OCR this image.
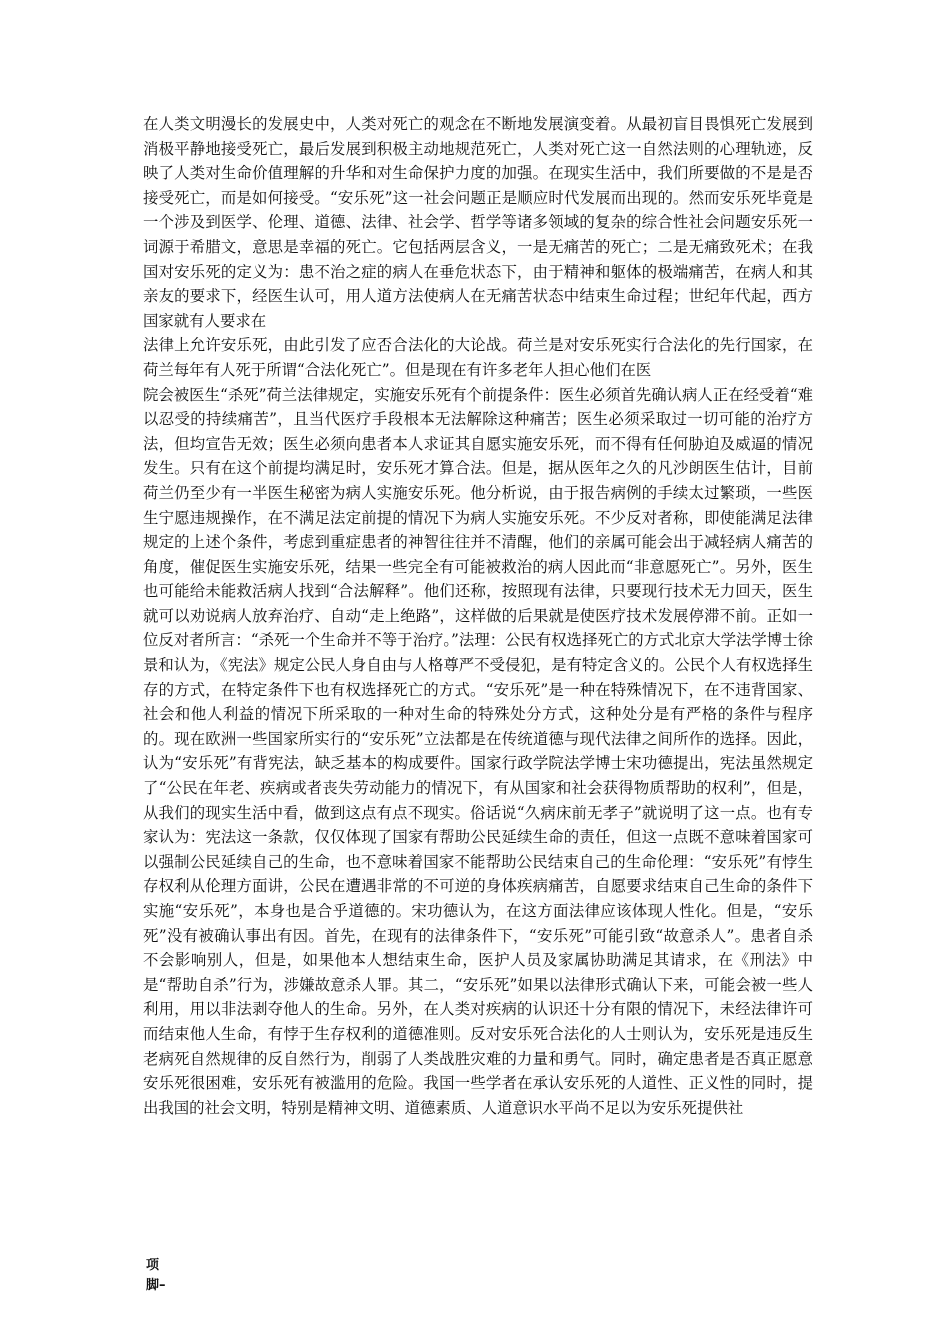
在人类文明漫长的发展史中，人类对死亡的观念在不断地发展演变着。从最初盲目畏惧死亡发展到消极平静地接受死亡，最后发展到积极主动地规范死亡，人类对死亡这一自然法则的心理轨迹，反映了人类对生命价值理解的升华和对生命保护力度的加强。在现实生活中，我们所要做的不是是否接受死亡，而是如何接受。“安乐死”这一社会问题正是顺应时代发展而出现的。然而安乐死毕竟是一个涉及到医学、伦理、道德、法律、社会学、哲学等诸多领域的复杂的综合性社会问题安乐死一词源于希腊文，意思是幸福的死亡。它包括两层含义，一是无痛苦的死亡；二是无痛致死术；在我国对安乐死的定义为：患不治之症的病人在垂危状态下，由于精神和躯体的极端痛苦，在病人和其亲友的要求下，经医生认可，用人道方法使病人在无痛苦状态中结束生命过程；世纪年代起，西方国家就有人要求在

法律上允许安乐死，由此引发了应否合法化的大论战。荷兰是对安乐死实行合法化的先行国家，在荷兰每年有人死于所谓“合法化死亡”。但是现在有许多老年人担心他们在医

院会被医生“杀死”荷兰法律规定，实施安乐死有个前提条件：医生必须首先确认病人正在经受着“难以忍受的持续痛苦”，且当代医疗手段根本无法解除这种痛苦；医生必须采取过一切可能的治疗方法，但均宣告无效；医生必须向患者本人求证其自愿实施安乐死，而不得有任何胁迫及威逼的情况发生。只有在这个前提均满足时，安乐死才算合法。但是，据从医年之久的凡沙朗医生估计，目前荷兰仍至少有一半医生秘密为病人实施安乐死。他分析说，由于报告病例的手续太过繁琐，一些医生宁愿违规操作，在不满足法定前提的情况下为病人实施安乐死。不少反对者称，即使能满足法律规定的上述个条件，考虑到重症患者的神智往往并不清醒，他们的亲属可能会出于减轻病人痛苦的角度，催促医生实施安乐死，结果一些完全有可能被救治的病人因此而“非意愿死亡”。另外，医生也可能给未能救活病人找到“合法解释”。他们还称，按照现有法律，只要现行技术无力回天，医生就可以劝说病人放弃治疗、自动“走上绝路”，这样做的后果就是使医疗技术发展停滞不前。正如一位反对者所言：“杀死一个生命并不等于治疗。”法理：公民有权选择死亡的方式北京大学法学博士徐景和认为，《宪法》规定公民人身自由与人格尊严不受侵犯，是有特定含义的。公民个人有权选择生存的方式，在特定条件下也有权选择死亡的方式。“安乐死”是一种在特殊情况下，在不违背国家、社会和他人利益的情况下所采取的一种对生命的特殊处分方式，这种处分是有严格的条件与程序的。现在欧洲一些国家所实行的“安乐死”立法都是在传统道德与现代法律之间所作的选择。因此，认为“安乐死”有背宪法，缺乏基本的构成要件。国家行政学院法学博士宋功德提出，宪法虽然规定了“公民在年老、疾病或者丧失劳动能力的情况下，有从国家和社会获得物质帮助的权利”，但是，从我们的现实生活中看，做到这点有点不现实。俗话说“久病床前无孝子”就说明了这一点。也有专家认为：宪法这一条款，仅仅体现了国家有帮助公民延续生命的责任，但这一点既不意味着国家可以强制公民延续自己的生命，也不意味着国家不能帮助公民结束自己的生命伦理：“安乐死”有悖生存权利从伦理方面讲，公民在遭遇非常的不可逆的身体疾病痛苦，自愿要求结束自己生命的条件下实施“安乐死”，本身也是合乎道德的。宋功德认为，在这方面法律应该体现人性化。但是，“安乐死”没有被确认事出有因。首先，在现有的法律条件下，“安乐死”可能引致“故意杀人”。患者自杀不会影响别人，但是，如果他本人想结束生命，医护人员及家属协助满足其请求，在《刑法》中是“帮助自杀”行为，涉嫌故意杀人罪。其二，“安乐死”如果以法律形式确认下来，可能会被一些人利用，用以非法剥夺他人的生命。另外，在人类对疾病的认识还十分有限的情况下，未经法律许可而结束他人生命，有悖于生存权利的道德准则。反对安乐死合法化的人士则认为，安乐死是违反生老病死自然规律的反自然行为，削弱了人类战胜灾难的力量和勇气。同时，确定患者是否真正愿意安乐死很困难，安乐死有被滥用的危险。我国一些学者在承认安乐死的人道性、正义性的同时，提出我国的社会文明，特别是精神文明、道德素质、人道意识水平尚不足以为安乐死提供社

项
脚–
